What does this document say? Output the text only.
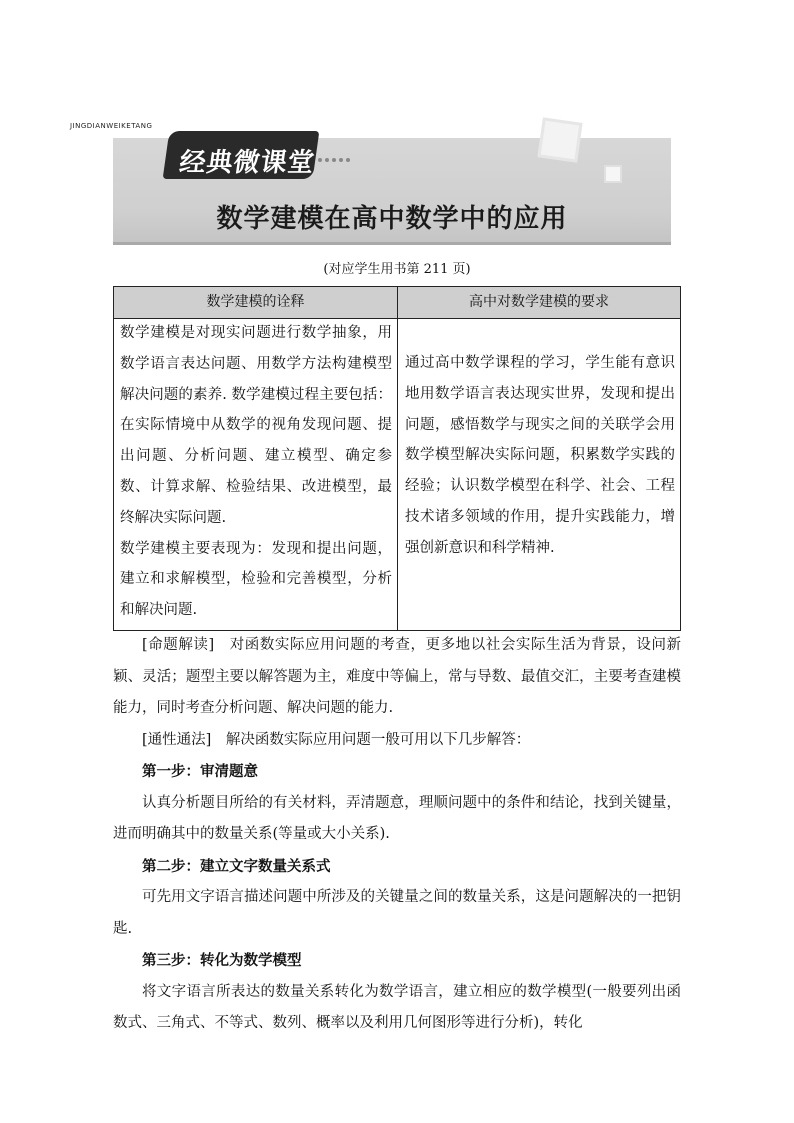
JINGDIANWEIKETANG
经典微课堂
数学建模在高中数学中的应用
(对应学生用书第 211 页)
数学建模的诠释	高中对数学建模的要求

数学建模是对现实问题进行数学抽象，用数学语言表达问题、用数学方法构建模型解决问题的素养. 数学建模过程主要包括：在实际情境中从数学的视角发现问题、提出问题、分析问题、建立模型、确定参数、计算求解、检验结果、改进模型，最终解决实际问题.

数学建模主要表现为：发现和提出问题，建立和求解模型，检验和完善模型，分析和解决问题.

通过高中数学课程的学习，学生能有意识地用数学语言表达现实世界，发现和提出问题，感悟数学与现实之间的关联学会用数学模型解决实际问题，积累数学实践的经验；认识数学模型在科学、社会、工程技术诸多领域的作用，提升实践能力，增强创新意识和科学精神.

[命题解读]　对函数实际应用问题的考查，更多地以社会实际生活为背景，设问新颖、灵活；题型主要以解答题为主，难度中等偏上，常与导数、最值交汇，主要考查建模能力，同时考查分析问题、解决问题的能力.

[通性通法]　解决函数实际应用问题一般可用以下几步解答：

第一步：审清题意

认真分析题目所给的有关材料，弄清题意，理顺问题中的条件和结论，找到关键量，进而明确其中的数量关系(等量或大小关系).

第二步：建立文字数量关系式

可先用文字语言描述问题中所涉及的关键量之间的数量关系，这是问题解决的一把钥匙.

第三步：转化为数学模型

将文字语言所表达的数量关系转化为数学语言，建立相应的数学模型(一般要列出函数式、三角式、不等式、数列、概率以及利用几何图形等进行分析)，转化
